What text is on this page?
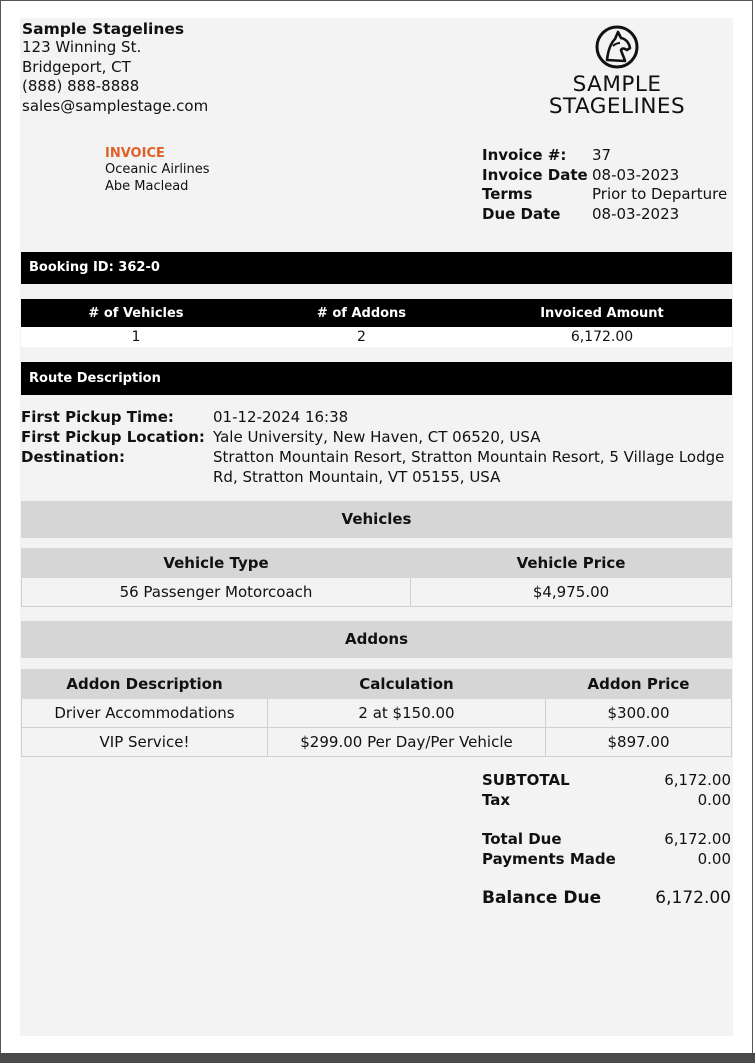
Sample Stagelines
123 Winning St.
Bridgeport, CT
(888) 888-8888
sales@samplestage.com
SAMPLE
STAGELINES
INVOICE
Oceanic Airlines
Abe Maclead
Invoice #: 37
Invoice Date 08-03-2023
Terms	Prior to Departure
Due Date 08-03-2023
Booking ID: 362-0
# of Vehicles	# of Addons	Invoiced Amount
1	2	6,172.00
Route Description
First Pickup Time:	01-12-2024 16:38
First Pickup Location: Yale University, New Haven, CT 06520, USA
Destination:	Stratton Mountain Resort, Stratton Mountain Resort, 5 Village Lodge Rd, Stratton Mountain, VT 05155, USA
Vehicles
Vehicle Type	Vehicle Price
56 Passenger Motorcoach	$4,975.00
Addons
Addon Description	Calculation	Addon Price
Driver Accommodations	2 at $150.00	$300.00
VIP Service!	$299.00 Per Day/Per Vehicle	$897.00
SUBTOTAL	6,172.00
Tax	0.00
Total Due	6,172.00
Payments Made	0.00
Balance Due	6,172.00
